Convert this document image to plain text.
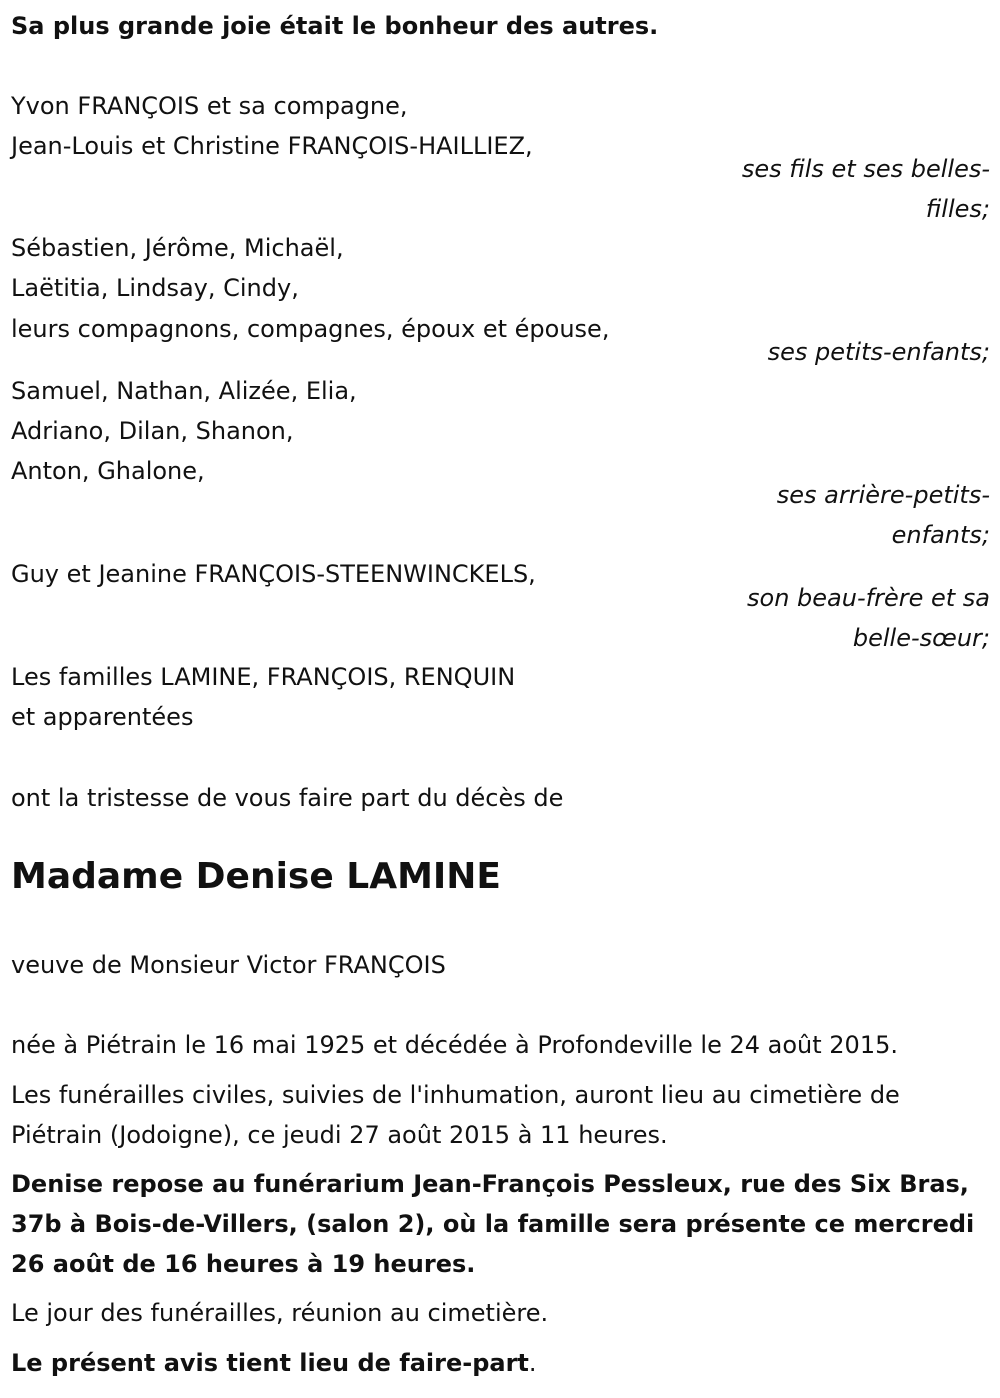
Sa plus grande joie était le bonheur des autres.
Yvon FRANÇOIS et sa compagne,
Jean-Louis et Christine FRANÇOIS-HAILLIEZ,
ses fils et ses belles-
filles;
Sébastien, Jérôme, Michaël,
Laëtitia, Lindsay, Cindy,
leurs compagnons, compagnes, époux et épouse,
ses petits-enfants;
Samuel, Nathan, Alizée, Elia,
Adriano, Dilan, Shanon,
Anton, Ghalone,
ses arrière-petits-
enfants;
Guy et Jeanine FRANÇOIS-STEENWINCKELS,
son beau-frère et sa
belle-sœur;
Les familles LAMINE, FRANÇOIS, RENQUIN
et apparentées
ont la tristesse de vous faire part du décès de
Madame Denise LAMINE
veuve de Monsieur Victor FRANÇOIS
née à Piétrain le 16 mai 1925 et décédée à Profondeville le 24 août 2015.
Les funérailles civiles, suivies de l'inhumation, auront lieu au cimetière de
Piétrain (Jodoigne), ce jeudi 27 août 2015 à 11 heures.
Denise repose au funérarium Jean-François Pessleux, rue des Six Bras,
37b à Bois-de-Villers, (salon 2), où la famille sera présente ce mercredi
26 août de 16 heures à 19 heures.
Le jour des funérailles, réunion au cimetière.
Le présent avis tient lieu de faire-part.
